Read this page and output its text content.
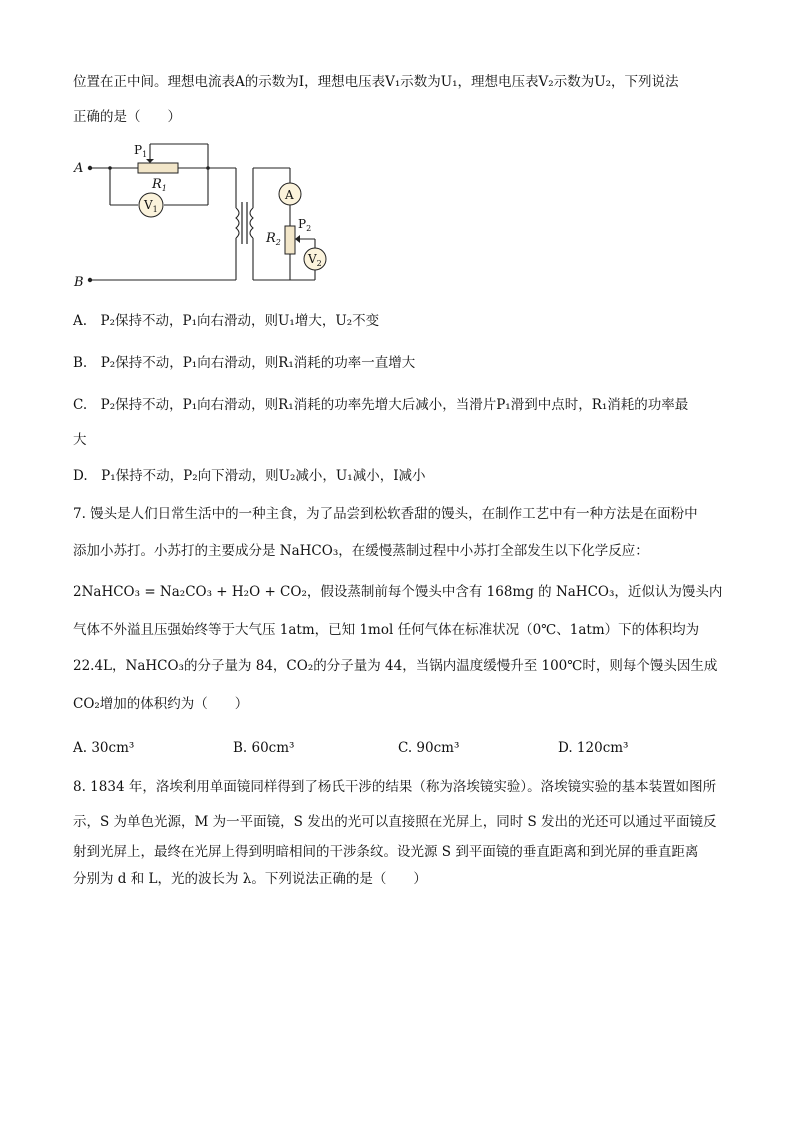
位置在正中间。理想电流表A的示数为I，理想电压表V₁示数为U₁，理想电压表V₂示数为U₂，下列说法
正确的是（　　）
A
B
$P_1$
$R_1$
$V_1$
A
$R_2$
$P_2$
$V_2$
A.　P₂保持不动，P₁向右滑动，则U₁增大，U₂不变
B.　P₂保持不动，P₁向右滑动，则R₁消耗的功率一直增大
C.　P₂保持不动，P₁向右滑动，则R₁消耗的功率先增大后减小，当滑片P₁滑到中点时，R₁消耗的功率最
大
D.　P₁保持不动，P₂向下滑动，则U₂减小，U₁减小，I减小
7. 馒头是人们日常生活中的一种主食，为了品尝到松软香甜的馒头，在制作工艺中有一种方法是在面粉中
添加小苏打。小苏打的主要成分是 NaHCO₃，在缓慢蒸制过程中小苏打全部发生以下化学反应：
2NaHCO₃ = Na₂CO₃ + H₂O + CO₂，假设蒸制前每个馒头中含有 168mg 的 NaHCO₃，近似认为馒头内
气体不外溢且压强始终等于大气压 1atm，已知 1mol 任何气体在标准状况（0℃、1atm）下的体积均为
22.4L，NaHCO₃的分子量为 84，CO₂的分子量为 44，当锅内温度缓慢升至 100℃时，则每个馒头因生成
CO₂增加的体积约为（　　）
A. 30cm³	B. 60cm³	C. 90cm³	D. 120cm³
8. 1834 年，洛埃利用单面镜同样得到了杨氏干涉的结果（称为洛埃镜实验）。洛埃镜实验的基本装置如图所
示，S 为单色光源，M 为一平面镜，S 发出的光可以直接照在光屏上，同时 S 发出的光还可以通过平面镜反
射到光屏上，最终在光屏上得到明暗相间的干涉条纹。设光源 S 到平面镜的垂直距离和到光屏的垂直距离
分别为 d 和 L，光的波长为 λ。下列说法正确的是（　　）
